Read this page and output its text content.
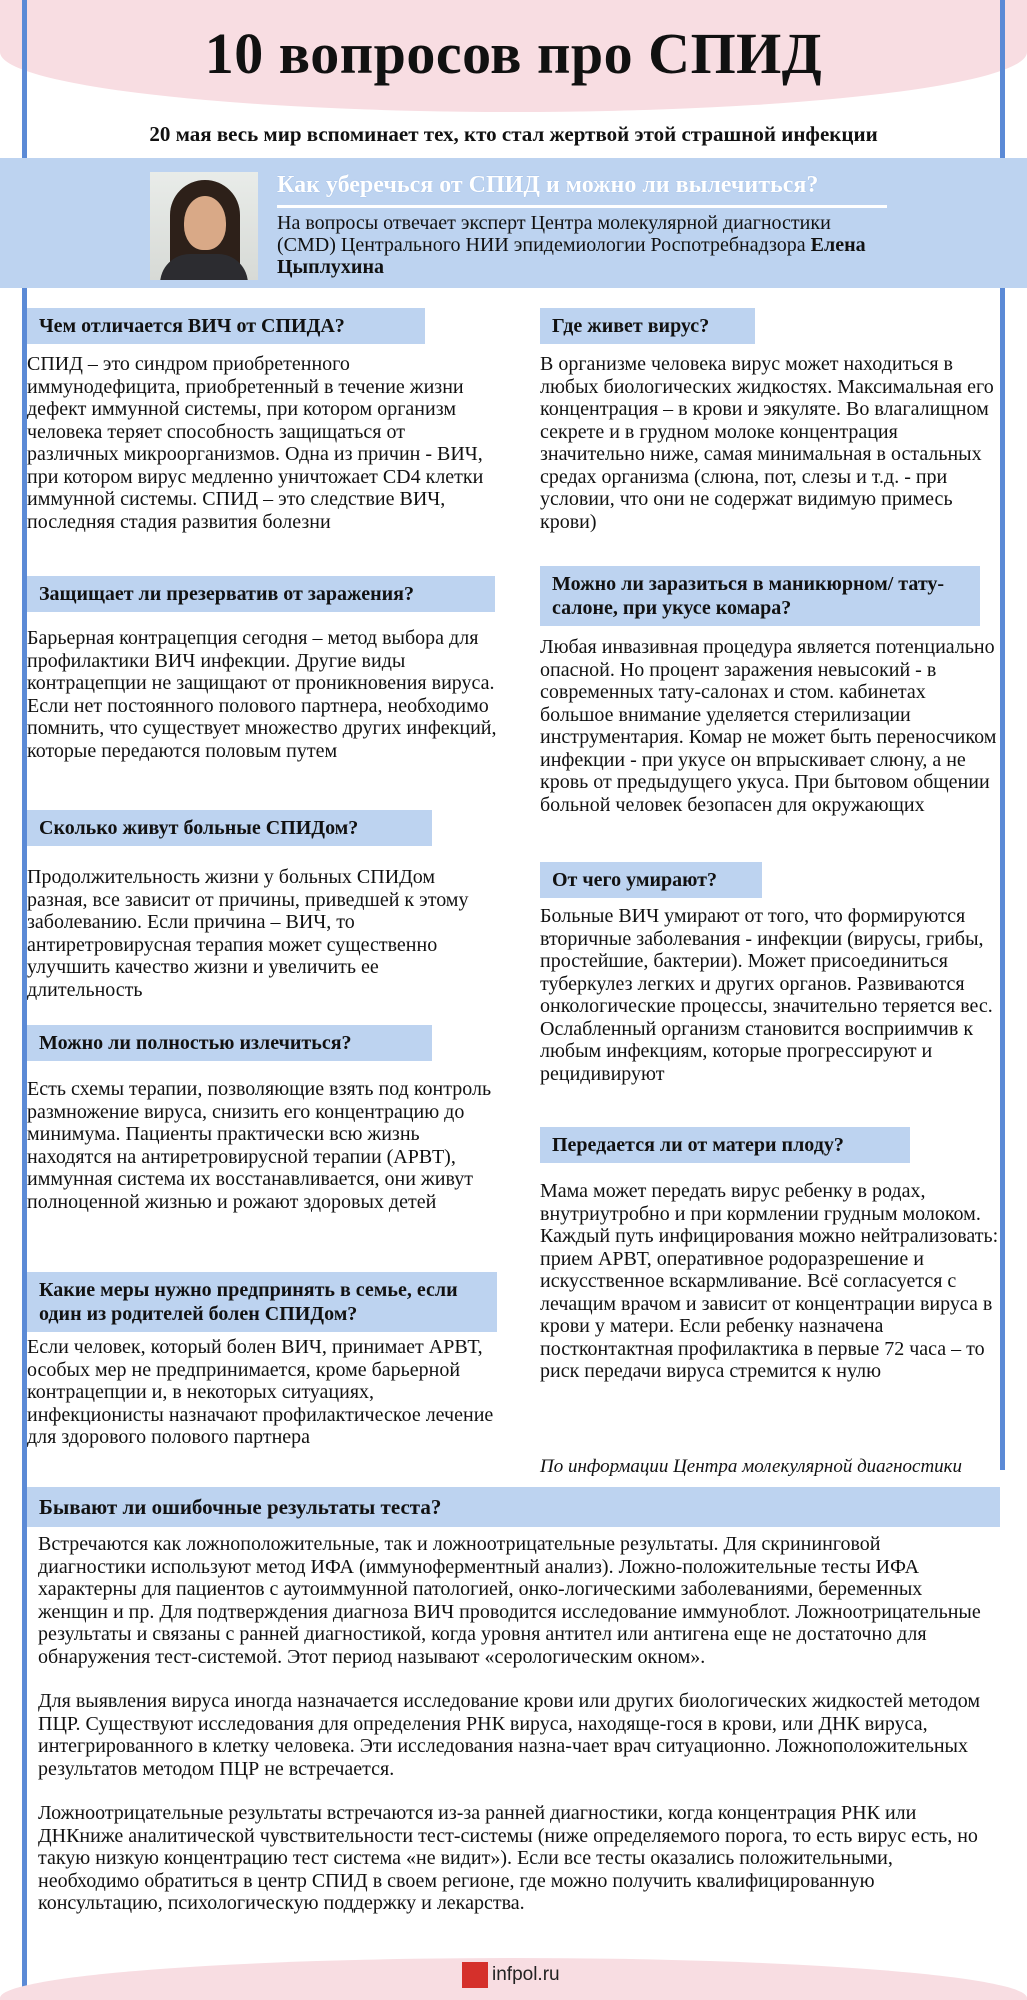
10 вопросов про СПИД
20 мая весь мир вспоминает тех, кто стал жертвой этой страшной инфекции
Как уберечься от СПИД и можно ли вылечиться?
На вопросы отвечает эксперт Центра молекулярной диагностики (CMD) Центрального НИИ эпидемиологии Роспотребнадзора Елена Цыплухина
Чем отличается ВИЧ от СПИДА?

СПИД – это синдром приобретенного иммунодефицита, приобретенный в течение жизни дефект иммунной системы, при котором организм человека теряет способность защищаться от различных микроорганизмов. Одна из причин - ВИЧ, при котором вирус медленно уничтожает CD4 клетки иммунной системы. СПИД – это следствие ВИЧ, последняя стадия развития болезни

Защищает ли презерватив от заражения?

Барьерная контрацепция сегодня – метод выбора для профилактики ВИЧ инфекции. Другие виды контрацепции не защищают от проникновения вируса. Если нет постоянного полового партнера, необходимо помнить, что существует множество других инфекций, которые передаются половым путем

Сколько живут больные СПИДом?

Продолжительность жизни у больных СПИДом разная, все зависит от причины, приведшей к этому заболеванию. Если причина – ВИЧ, то антиретровирусная терапия может существенно улучшить качество жизни и увеличить ее длительность

Можно ли полностью излечиться?

Есть схемы терапии, позволяющие взять под контроль размножение вируса, снизить его концентрацию до минимума. Пациенты практически всю жизнь находятся на антиретровирусной терапии (АРВТ), иммунная система их восстанавливается, они живут полноценной жизнью и рожают здоровых детей

Какие меры нужно предпринять в семье, если один из родителей болен СПИДом?

Если человек, который болен ВИЧ, принимает АРВТ, особых мер не предпринимается, кроме барьерной контрацепции и, в некоторых ситуациях, инфекционисты назначают профилактическое лечение для здорового полового партнера

Где живет вирус?

В организме человека вирус может находиться в любых биологических жидкостях. Максимальная его концентрация – в крови и эякуляте. Во влагалищном секрете и в грудном молоке концентрация значительно ниже, самая минимальная в остальных средах организма (слюна, пот, слезы и т.д. - при условии, что они не содержат видимую примесь крови)

Можно ли заразиться в маникюрном/ тату-салоне, при укусе комара?

Любая инвазивная процедура является потенциально опасной. Но процент заражения невысокий - в современных тату-салонах и стом. кабинетах большое внимание уделяется стерилизации инструментария. Комар не может быть переносчиком инфекции - при укусе он впрыскивает слюну, а не кровь от предыдущего укуса. При бытовом общении больной человек безопасен для окружающих

От чего умирают?

Больные ВИЧ умирают от того, что формируются вторичные заболевания - инфекции (вирусы, грибы, простейшие, бактерии). Может присоединиться туберкулез легких и других органов. Развиваются онкологические процессы, значительно теряется вес. Ослабленный организм становится восприимчив к любым инфекциям, которые прогрессируют и рецидивируют

Передается ли от матери плоду?

Мама может передать вирус ребенку в родах, внутриутробно и при кормлении грудным молоком. Каждый путь инфицирования можно нейтрализовать: прием АРВТ, оперативное родоразрешение и искусственное вскармливание. Всё согласуется с лечащим врачом и зависит от концентрации вируса в крови у матери. Если ребенку назначена постконтактная профилактика в первые 72 часа – то риск передачи вируса стремится к нулю

По информации Центра молекулярной диагностики
Бывают ли ошибочные результаты теста?

Встречаются как ложноположительные, так и ложноотрицательные результаты. Для скрининговой диагностики используют метод ИФА (иммуноферментный анализ). Ложно-положительные тесты ИФА характерны для пациентов с аутоиммунной патологией, онко-логическими заболеваниями, беременных женщин и пр. Для подтверждения диагноза ВИЧ проводится исследование иммуноблот. Ложноотрицательные результаты и связаны с ранней диагностикой, когда уровня антител или антигена еще не достаточно для обнаружения тест-системой. Этот период называют «серологическим окном».

Для выявления вируса иногда назначается исследование крови или других биологических жидкостей методом ПЦР. Существуют исследования для определения РНК вируса, находяще-гося в крови, или ДНК вируса, интегрированного в клетку человека. Эти исследования назна-чает врач ситуационно. Ложноположительных результатов методом ПЦР не встречается.

Ложноотрицательные результаты встречаются из-за ранней диагностики, когда концентрация РНК или ДНКниже аналитической чувствительности тест-системы (ниже определяемого порога, то есть вирус есть, но такую низкую концентрацию тест система «не видит»). Если все тесты оказались положительными, необходимо обратиться в центр СПИД в своем регионе, где можно получить квалифицированную консультацию, психологическую поддержку и лекарства.

infpol.ru
